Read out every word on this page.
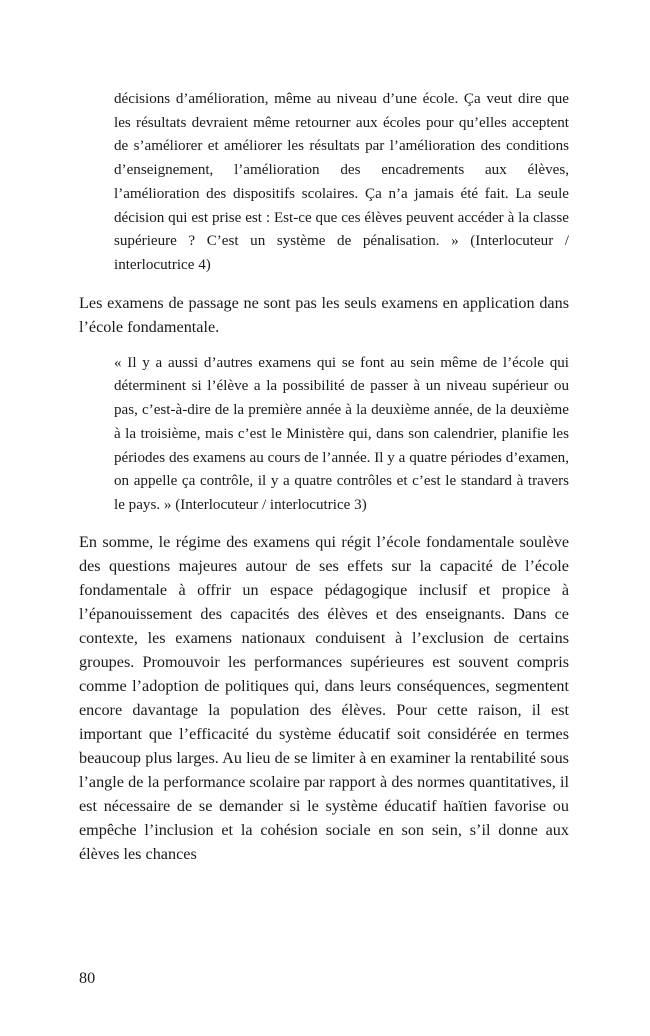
décisions d’amélioration, même au niveau d’une école. Ça veut dire que les résultats devraient même retourner aux écoles pour qu’elles acceptent de s’améliorer et améliorer les résultats par l’amélioration des conditions d’enseignement, l’amélioration des encadrements aux élèves, l’amélioration des dispositifs scolaires. Ça n’a jamais été fait. La seule décision qui est prise est : Est-ce que ces élèves peuvent accéder à la classe supérieure ? C’est un système de pénalisation. » (Interlocuteur / interlocutrice 4)

Les examens de passage ne sont pas les seuls examens en application dans l’école fondamentale.

« Il y a aussi d’autres examens qui se font au sein même de l’école qui déterminent si l’élève a la possibilité de passer à un niveau supérieur ou pas, c’est-à-dire de la première année à la deuxième année, de la deuxième à la troisième, mais c’est le Ministère qui, dans son calendrier, planifie les périodes des examens au cours de l’année. Il y a quatre périodes d’examen, on appelle ça contrôle, il y a quatre contrôles et c’est le standard à travers le pays. » (Interlocuteur / interlocutrice 3)

En somme, le régime des examens qui régit l’école fondamentale soulève des questions majeures autour de ses effets sur la capacité de l’école fondamentale à offrir un espace pédagogique inclusif et propice à l’épanouissement des capacités des élèves et des enseignants. Dans ce contexte, les examens nationaux conduisent à l’exclusion de certains groupes. Promouvoir les performances supérieures est souvent compris comme l’adoption de politiques qui, dans leurs conséquences, segmentent encore davantage la population des élèves. Pour cette raison, il est important que l’efficacité du système éducatif soit considérée en termes beaucoup plus larges. Au lieu de se limiter à en examiner la rentabilité sous l’angle de la performance scolaire par rapport à des normes quantitatives, il est nécessaire de se demander si le système éducatif haïtien favorise ou empêche l’inclusion et la cohésion sociale en son sein, s’il donne aux élèves les chances

80
